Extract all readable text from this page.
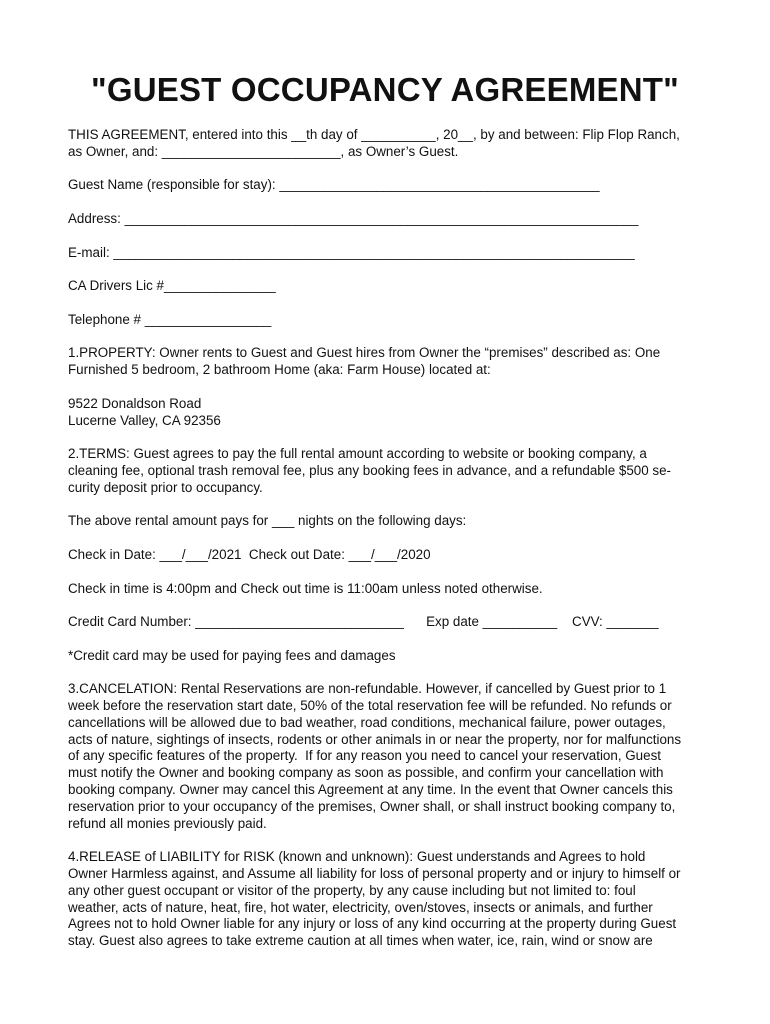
"GUEST OCCUPANCY AGREEMENT"

THIS AGREEMENT, entered into this __th day of __________, 20__, by and between: Flip Flop Ranch,
as Owner, and: ________________________, as Owner’s Guest.

Guest Name (responsible for stay): ___________________________________________

Address: _____________________________________________________________________

E-mail: ______________________________________________________________________

CA Drivers Lic #_______________

Telephone # _________________

1.PROPERTY: Owner rents to Guest and Guest hires from Owner the “premises” described as: One
Furnished 5 bedroom, 2 bathroom Home (aka: Farm House) located at:

9522 Donaldson Road
Lucerne Valley, CA 92356

2.TERMS: Guest agrees to pay the full rental amount according to website or booking company, a
cleaning fee, optional trash removal fee, plus any booking fees in advance, and a refundable $500 se-
curity deposit prior to occupancy.

The above rental amount pays for ___ nights on the following days:

Check in Date: ___/___/2021  Check out Date: ___/___/2020

Check in time is 4:00pm and Check out time is 11:00am unless noted otherwise.

Credit Card Number: ____________________________      Exp date __________    CVV: _______

*Credit card may be used for paying fees and damages

3.CANCELATION: Rental Reservations are non-refundable. However, if cancelled by Guest prior to 1
week before the reservation start date, 50% of the total reservation fee will be refunded. No refunds or
cancellations will be allowed due to bad weather, road conditions, mechanical failure, power outages,
acts of nature, sightings of insects, rodents or other animals in or near the property, nor for malfunctions
of any specific features of the property.  If for any reason you need to cancel your reservation, Guest
must notify the Owner and booking company as soon as possible, and confirm your cancellation with
booking company. Owner may cancel this Agreement at any time. In the event that Owner cancels this
reservation prior to your occupancy of the premises, Owner shall, or shall instruct booking company to,
refund all monies previously paid.

4.RELEASE of LIABILITY for RISK (known and unknown): Guest understands and Agrees to hold
Owner Harmless against, and Assume all liability for loss of personal property and or injury to himself or
any other guest occupant or visitor of the property, by any cause including but not limited to: foul
weather, acts of nature, heat, fire, hot water, electricity, oven/stoves, insects or animals, and further
Agrees not to hold Owner liable for any injury or loss of any kind occurring at the property during Guest
stay. Guest also agrees to take extreme caution at all times when water, ice, rain, wind or snow are
